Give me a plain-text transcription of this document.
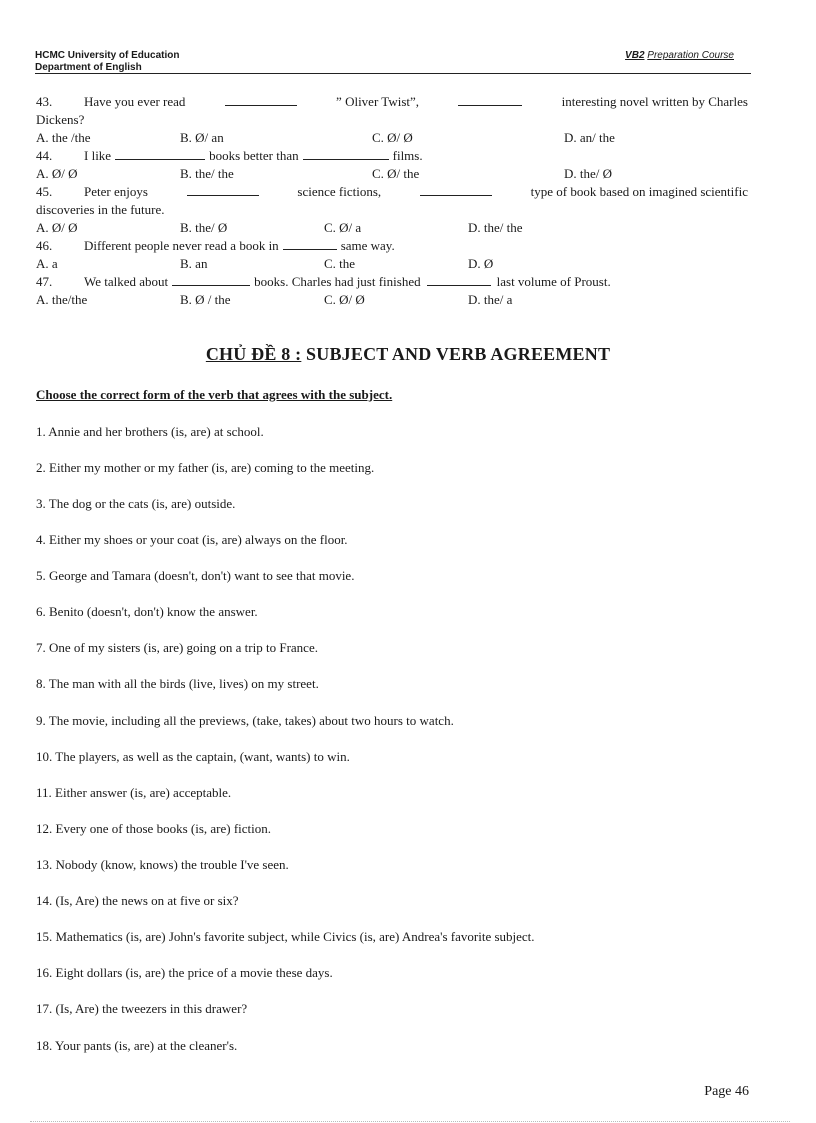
HCMC University of Education
Department of English
VB2 Preparation Course
43. Have you ever read	” Oliver Twist”,	interesting novel written by Charles
Dickens?
A. the /the	B. Ø/ an	C. Ø/ Ø	D. an/ the
44.	I like	books better than	films.
A. Ø/ Ø	B. the/ the	C. Ø/ the	D. the/ Ø
45. Peter enjoys	science fictions,	type of book based on imagined scientific
discoveries in the future.
A. Ø/ Ø	B. the/ Ø	C. Ø/ a	D. the/ the
46.	Different people never read a book in	same way.
A. a	B. an	C. the	D. Ø
47.	We talked about	books. Charles had just finished	last volume of Proust.
A. the/the	B. Ø / the	C. Ø/ Ø	D. the/ a
CHỦ ĐỀ 8 : SUBJECT AND VERB AGREEMENT
Choose the correct form of the verb that agrees with the subject.
1. Annie and her brothers (is, are) at school.
2. Either my mother or my father (is, are) coming to the meeting.
3. The dog or the cats (is, are) outside.
4. Either my shoes or your coat (is, are) always on the floor.
5. George and Tamara (doesn't, don't) want to see that movie.
6. Benito (doesn't, don't) know the answer.
7. One of my sisters (is, are) going on a trip to France.
8. The man with all the birds (live, lives) on my street.
9. The movie, including all the previews, (take, takes) about two hours to watch.
10. The players, as well as the captain, (want, wants) to win.
11. Either answer (is, are) acceptable.
12. Every one of those books (is, are) fiction.
13. Nobody (know, knows) the trouble I've seen.
14. (Is, Are) the news on at five or six?
15. Mathematics (is, are) John's favorite subject, while Civics (is, are) Andrea's favorite subject.
16. Eight dollars (is, are) the price of a movie these days.
17. (Is, Are) the tweezers in this drawer?
18. Your pants (is, are) at the cleaner's.
Page 46
